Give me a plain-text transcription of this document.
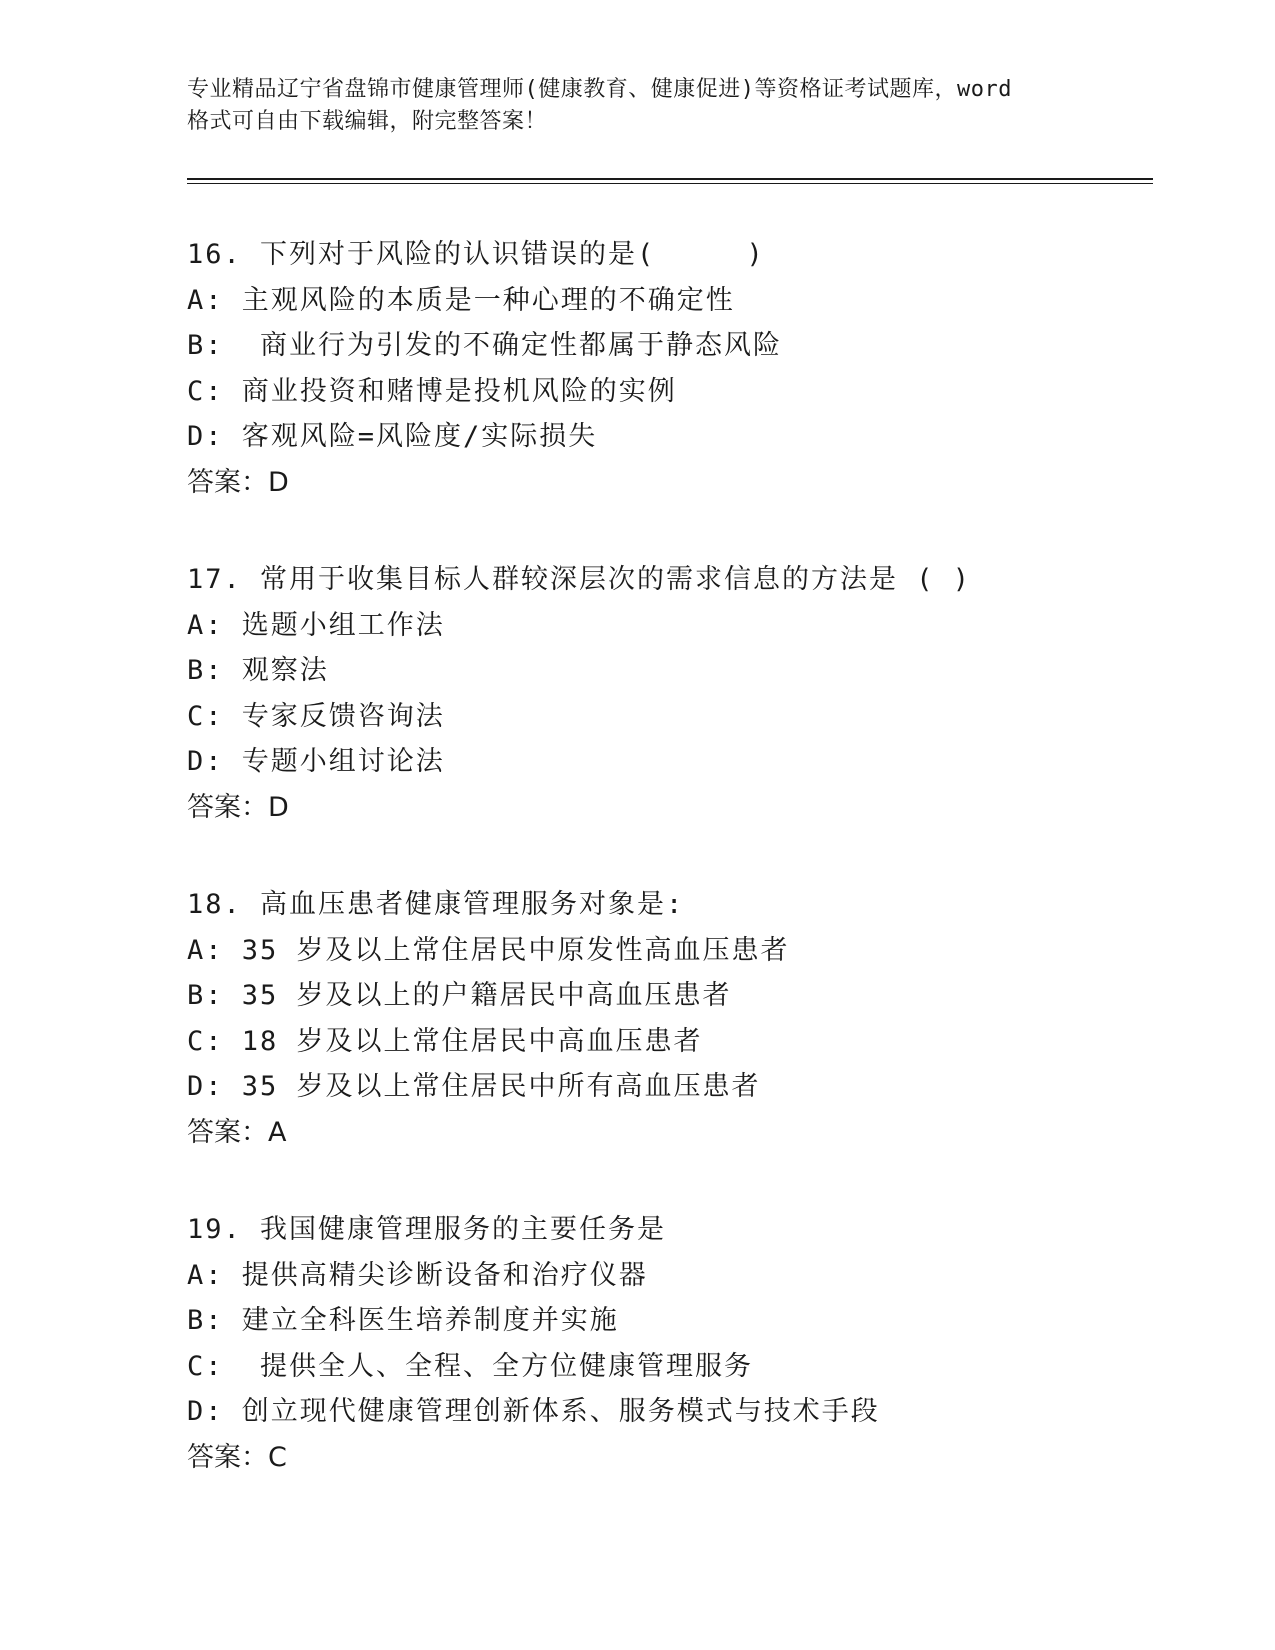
专业精品辽宁省盘锦市健康管理师(健康教育、健康促进)等资格证考试题库，word
格式可自由下载编辑，附完整答案！
16. 下列对于风险的认识错误的是(     )
A: 主观风险的本质是一种心理的不确定性
B:  商业行为引发的不确定性都属于静态风险
C: 商业投资和赌博是投机风险的实例
D: 客观风险=风险度/实际损失
答案：D
17. 常用于收集目标人群较深层次的需求信息的方法是 ( )
A: 选题小组工作法
B: 观察法
C: 专家反馈咨询法
D: 专题小组讨论法
答案：D
18. 高血压患者健康管理服务对象是:
A: 35 岁及以上常住居民中原发性高血压患者
B: 35 岁及以上的户籍居民中高血压患者
C: 18 岁及以上常住居民中高血压患者
D: 35 岁及以上常住居民中所有高血压患者
答案：A
19. 我国健康管理服务的主要任务是
A: 提供高精尖诊断设备和治疗仪器
B: 建立全科医生培养制度并实施
C:  提供全人、全程、全方位健康管理服务
D: 创立现代健康管理创新体系、服务模式与技术手段
答案：C
